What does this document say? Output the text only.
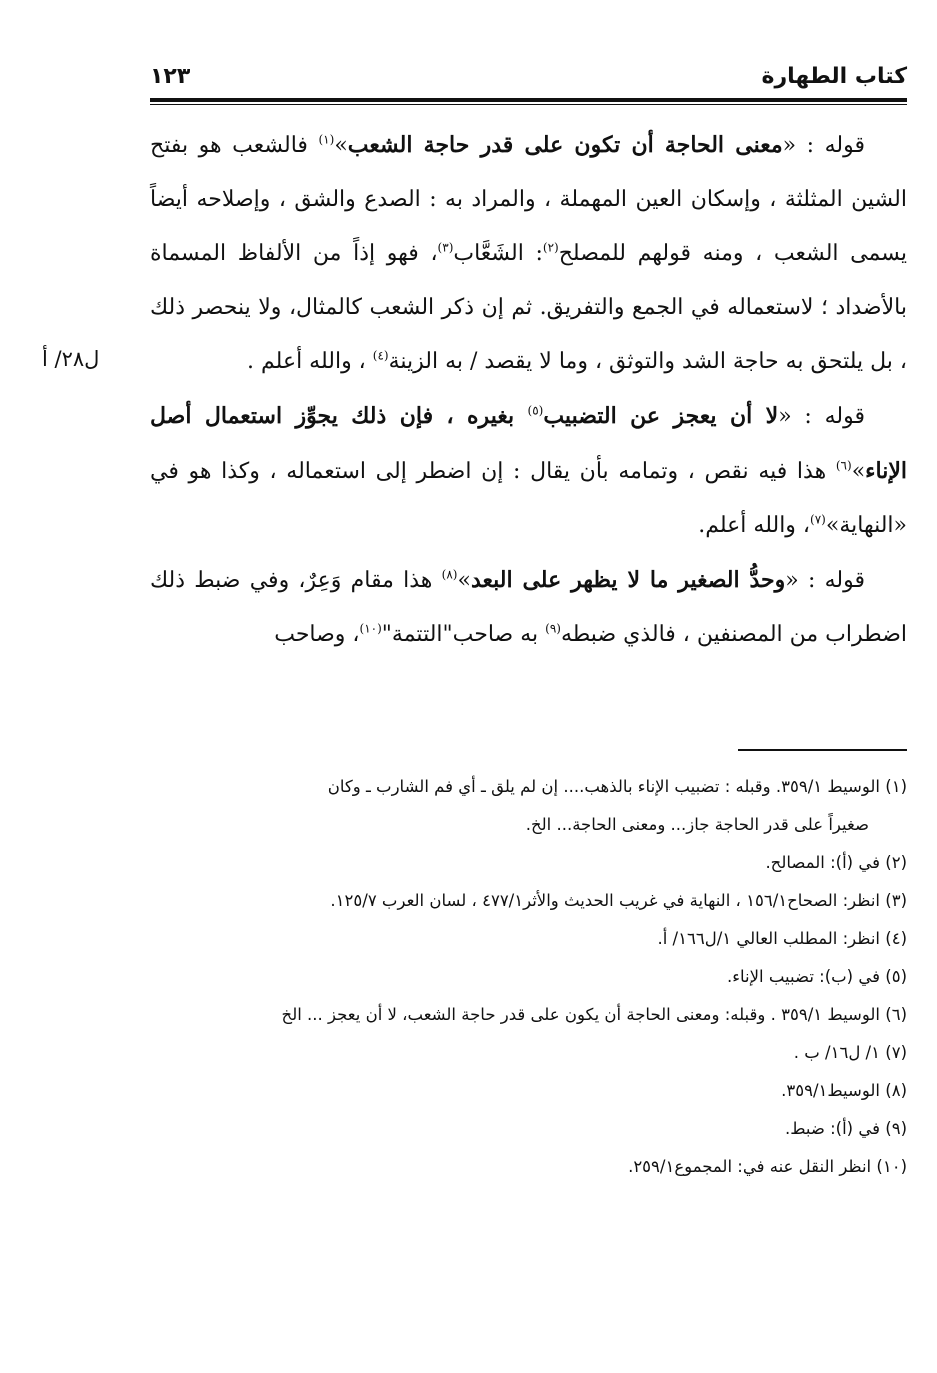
كتاب الطهارة
١٢٣
ل٢٨/ أ

قوله : «معنى الحاجة أن تكون على قدر حاجة الشعب»$^{(١)}$ فالشعب هو بفتح الشين المثلثة ، وإسكان العين المهملة ، والمراد به : الصدع والشق ، وإصلاحه أيضاً يسمى الشعب ، ومنه قولهم للمصلح$^{(٢)}$: الشَعَّاب$^{(٣)}$، فهو إذاً من الألفاظ المسماة بالأضداد ؛ لاستعماله في الجمع والتفريق. ثم إن ذكر الشعب كالمثال، ولا ينحصر ذلك ، بل يلتحق به حاجة الشد والتوثق ، وما لا يقصد / به الزينة$^{(٤)}$ ، والله أعلم .

قوله : «لا أن يعجز عن التضبيب$^{(٥)}$ بغيره ، فإن ذلك يجوِّز استعمال أصل الإناء»$^{(٦)}$ هذا فيه نقص ، وتمامه بأن يقال : إن اضطر إلى استعماله ، وكذا هو في «النهاية»$^{(٧)}$، والله أعلم.

قوله : «وحدُّ الصغير ما لا يظهر على البعد»$^{(٨)}$ هذا مقام وَعِرٌ، وفي ضبط ذلك اضطراب من المصنفين ، فالذي ضبطه$^{(٩)}$ به صاحب"التتمة"$^{(١٠)}$، وصاحب

(١) الوسيط ٣٥٩/١. وقبله : تضبيب الإناء بالذهب.... إن لم يلق ـ أي فم الشارب ـ وكان

صغيراً على قدر الحاجة جاز... ومعنى الحاجة... الخ.

(٢) في (أ): المصالح.

(٣) انظر: الصحاح١٥٦/١ ، النهاية في غريب الحديث والأثر٤٧٧/١ ، لسان العرب ١٢٥/٧.

(٤) انظر: المطلب العالي ١/ل١٦٦/ أ.

(٥) في (ب): تضبيب الإناء.

(٦) الوسيط ٣٥٩/١ . وقبله: ومعنى الحاجة أن يكون على قدر حاجة الشعب، لا أن يعجز ... الخ

(٧) ١/ ل١٦/ ب .

(٨) الوسيط٣٥٩/١.

(٩) في (أ): ضبط.

(١٠) انظر النقل عنه في: المجموع٢٥٩/١.
